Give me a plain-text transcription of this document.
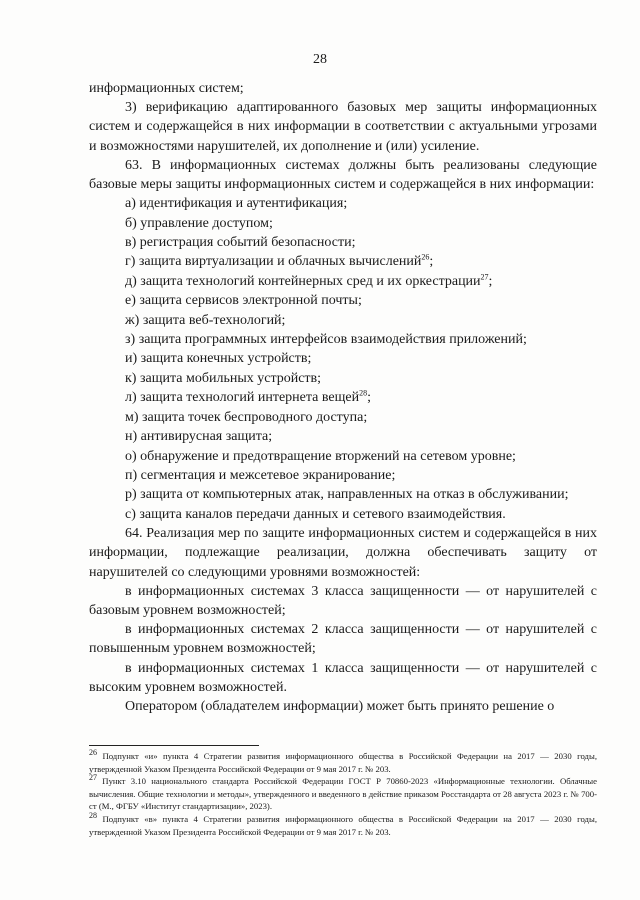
28

информационных систем;

3) верификацию адаптированного базовых мер защиты информационных систем и содержащейся в них информации в соответствии с актуальными угрозами и возможностями нарушителей, их дополнение и (или) усиление.

63. В информационных системах должны быть реализованы следующие базовые меры защиты информационных систем и содержащейся в них информации:

а) идентификация и аутентификация;

б) управление доступом;

в) регистрация событий безопасности;

г) защита виртуализации и облачных вычислений$^{26}$;

д) защита технологий контейнерных сред и их оркестрации$^{27}$;

е) защита сервисов электронной почты;

ж) защита веб-технологий;

з) защита программных интерфейсов взаимодействия приложений;

и) защита конечных устройств;

к) защита мобильных устройств;

л) защита технологий интернета вещей$^{28}$;

м) защита точек беспроводного доступа;

н) антивирусная защита;

о) обнаружение и предотвращение вторжений на сетевом уровне;

п) сегментация и межсетевое экранирование;

р) защита от компьютерных атак, направленных на отказ в обслуживании;

с) защита каналов передачи данных и сетевого взаимодействия.

64. Реализация мер по защите информационных систем и содержащейся в них информации, подлежащие реализации, должна обеспечивать защиту от нарушителей со следующими уровнями возможностей:

в информационных системах 3 класса защищенности — от нарушителей с базовым уровнем возможностей;

в информационных системах 2 класса защищенности — от нарушителей с повышенным уровнем возможностей;

в информационных системах 1 класса защищенности — от нарушителей с высоким уровнем возможностей.

Оператором (обладателем информации) может быть принято решение о

$^{26}$ Подпункт «и» пункта 4 Стратегии развития информационного общества в Российской Федерации на 2017 — 2030 годы, утвержденной Указом Президента Российской Федерации от 9 мая 2017 г. № 203.

$^{27}$ Пункт 3.10 национального стандарта Российской Федерации ГОСТ Р 70860-2023 «Информационные технологии. Облачные вычисления. Общие технологии и методы», утвержденного и введенного в действие приказом Росстандарта от 28 августа 2023 г. № 700-ст (М., ФГБУ «Институт стандартизации», 2023).

$^{28}$ Подпункт «в» пункта 4 Стратегии развития информационного общества в Российской Федерации на 2017 — 2030 годы, утвержденной Указом Президента Российской Федерации от 9 мая 2017 г. № 203.
